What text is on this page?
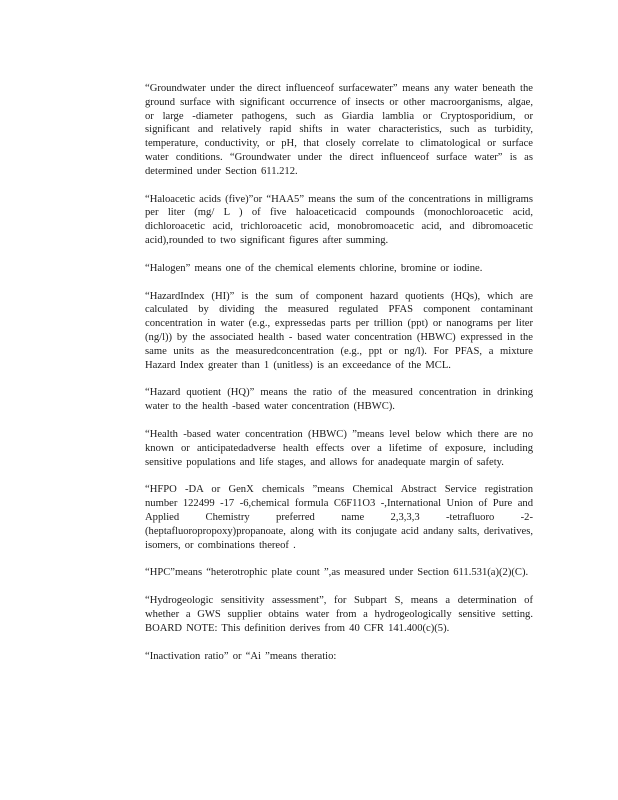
“Groundwater under the direct influenceof surfacewater” means any water beneath the ground surface with significant occurrence of insects or other macroorganisms, algae, or large -diameter pathogens, such as Giardia lamblia or Cryptosporidium, or significant and relatively rapid shifts in water characteristics, such as turbidity, temperature, conductivity, or pH, that closely correlate to climatological or surface water conditions. “Groundwater under the direct influenceof surface water” is as determined under Section 611.212.

“Haloacetic acids (five)”or “HAA5” means the sum of the concentrations in milligrams per liter (mg/ L ) of five haloaceticacid compounds (monochloroacetic acid, dichloroacetic acid, trichloroacetic acid, monobromoacetic acid, and dibromoacetic acid),rounded to two significant figures after summing.

“Halogen” means one of the chemical elements chlorine, bromine or iodine.

“HazardIndex (HI)” is the sum of component hazard quotients (HQs), which are calculated by dividing the measured regulated PFAS component contaminant concentration in water (e.g., expressedas parts per trillion (ppt) or nanograms per liter (ng/l)) by the associated health - based water concentration (HBWC) expressed in the same units as the measuredconcentration (e.g., ppt or ng/l). For PFAS, a mixture Hazard Index greater than 1 (unitless) is an exceedance of the MCL.

“Hazard quotient (HQ)” means the ratio of the measured concentration in drinking water to the health -based water concentration (HBWC).

“Health -based water concentration (HBWC) ”means level below which there are no known or anticipatedadverse health effects over a lifetime of exposure, including sensitive populations and life stages, and allows for anadequate margin of safety.

“HFPO -DA or GenX chemicals ”means Chemical Abstract Service registration number 122499 -17 -6,chemical formula C6F11O3 -,International Union of Pure and Applied Chemistry preferred name 2,3,3,3 -tetrafluoro -2-(heptafluoropropoxy)propanoate, along with its conjugate acid andany salts, derivatives, isomers, or combinations thereof .

“HPC”means “heterotrophic plate count ”,as measured under Section 611.531(a)(2)(C).

“Hydrogeologic sensitivity assessment”, for Subpart S, means a determination of whether a GWS supplier obtains water from a hydrogeologically sensitive setting. BOARD NOTE: This definition derives from 40 CFR 141.400(c)(5).

“Inactivation ratio” or “Ai ”means theratio:
